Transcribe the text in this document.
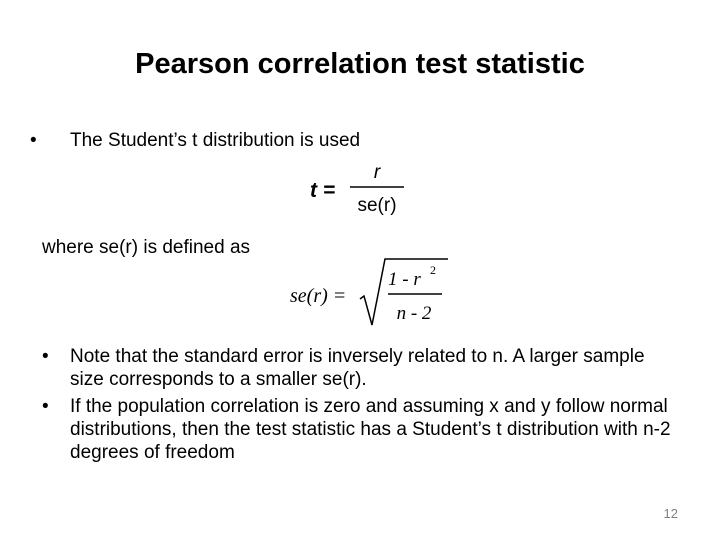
Pearson correlation test statistic
• The Student’s t distribution is used
t =
r
se(r)
where se(r) is defined as
se(r) =
1 - r 2
n - 2
• Note that the standard error is inversely related to n. A larger sample size corresponds to a smaller se(r).
• If the population correlation is zero and assuming x and y follow normal distributions, then the test statistic has a Student’s t distribution with n-2 degrees of freedom
12
